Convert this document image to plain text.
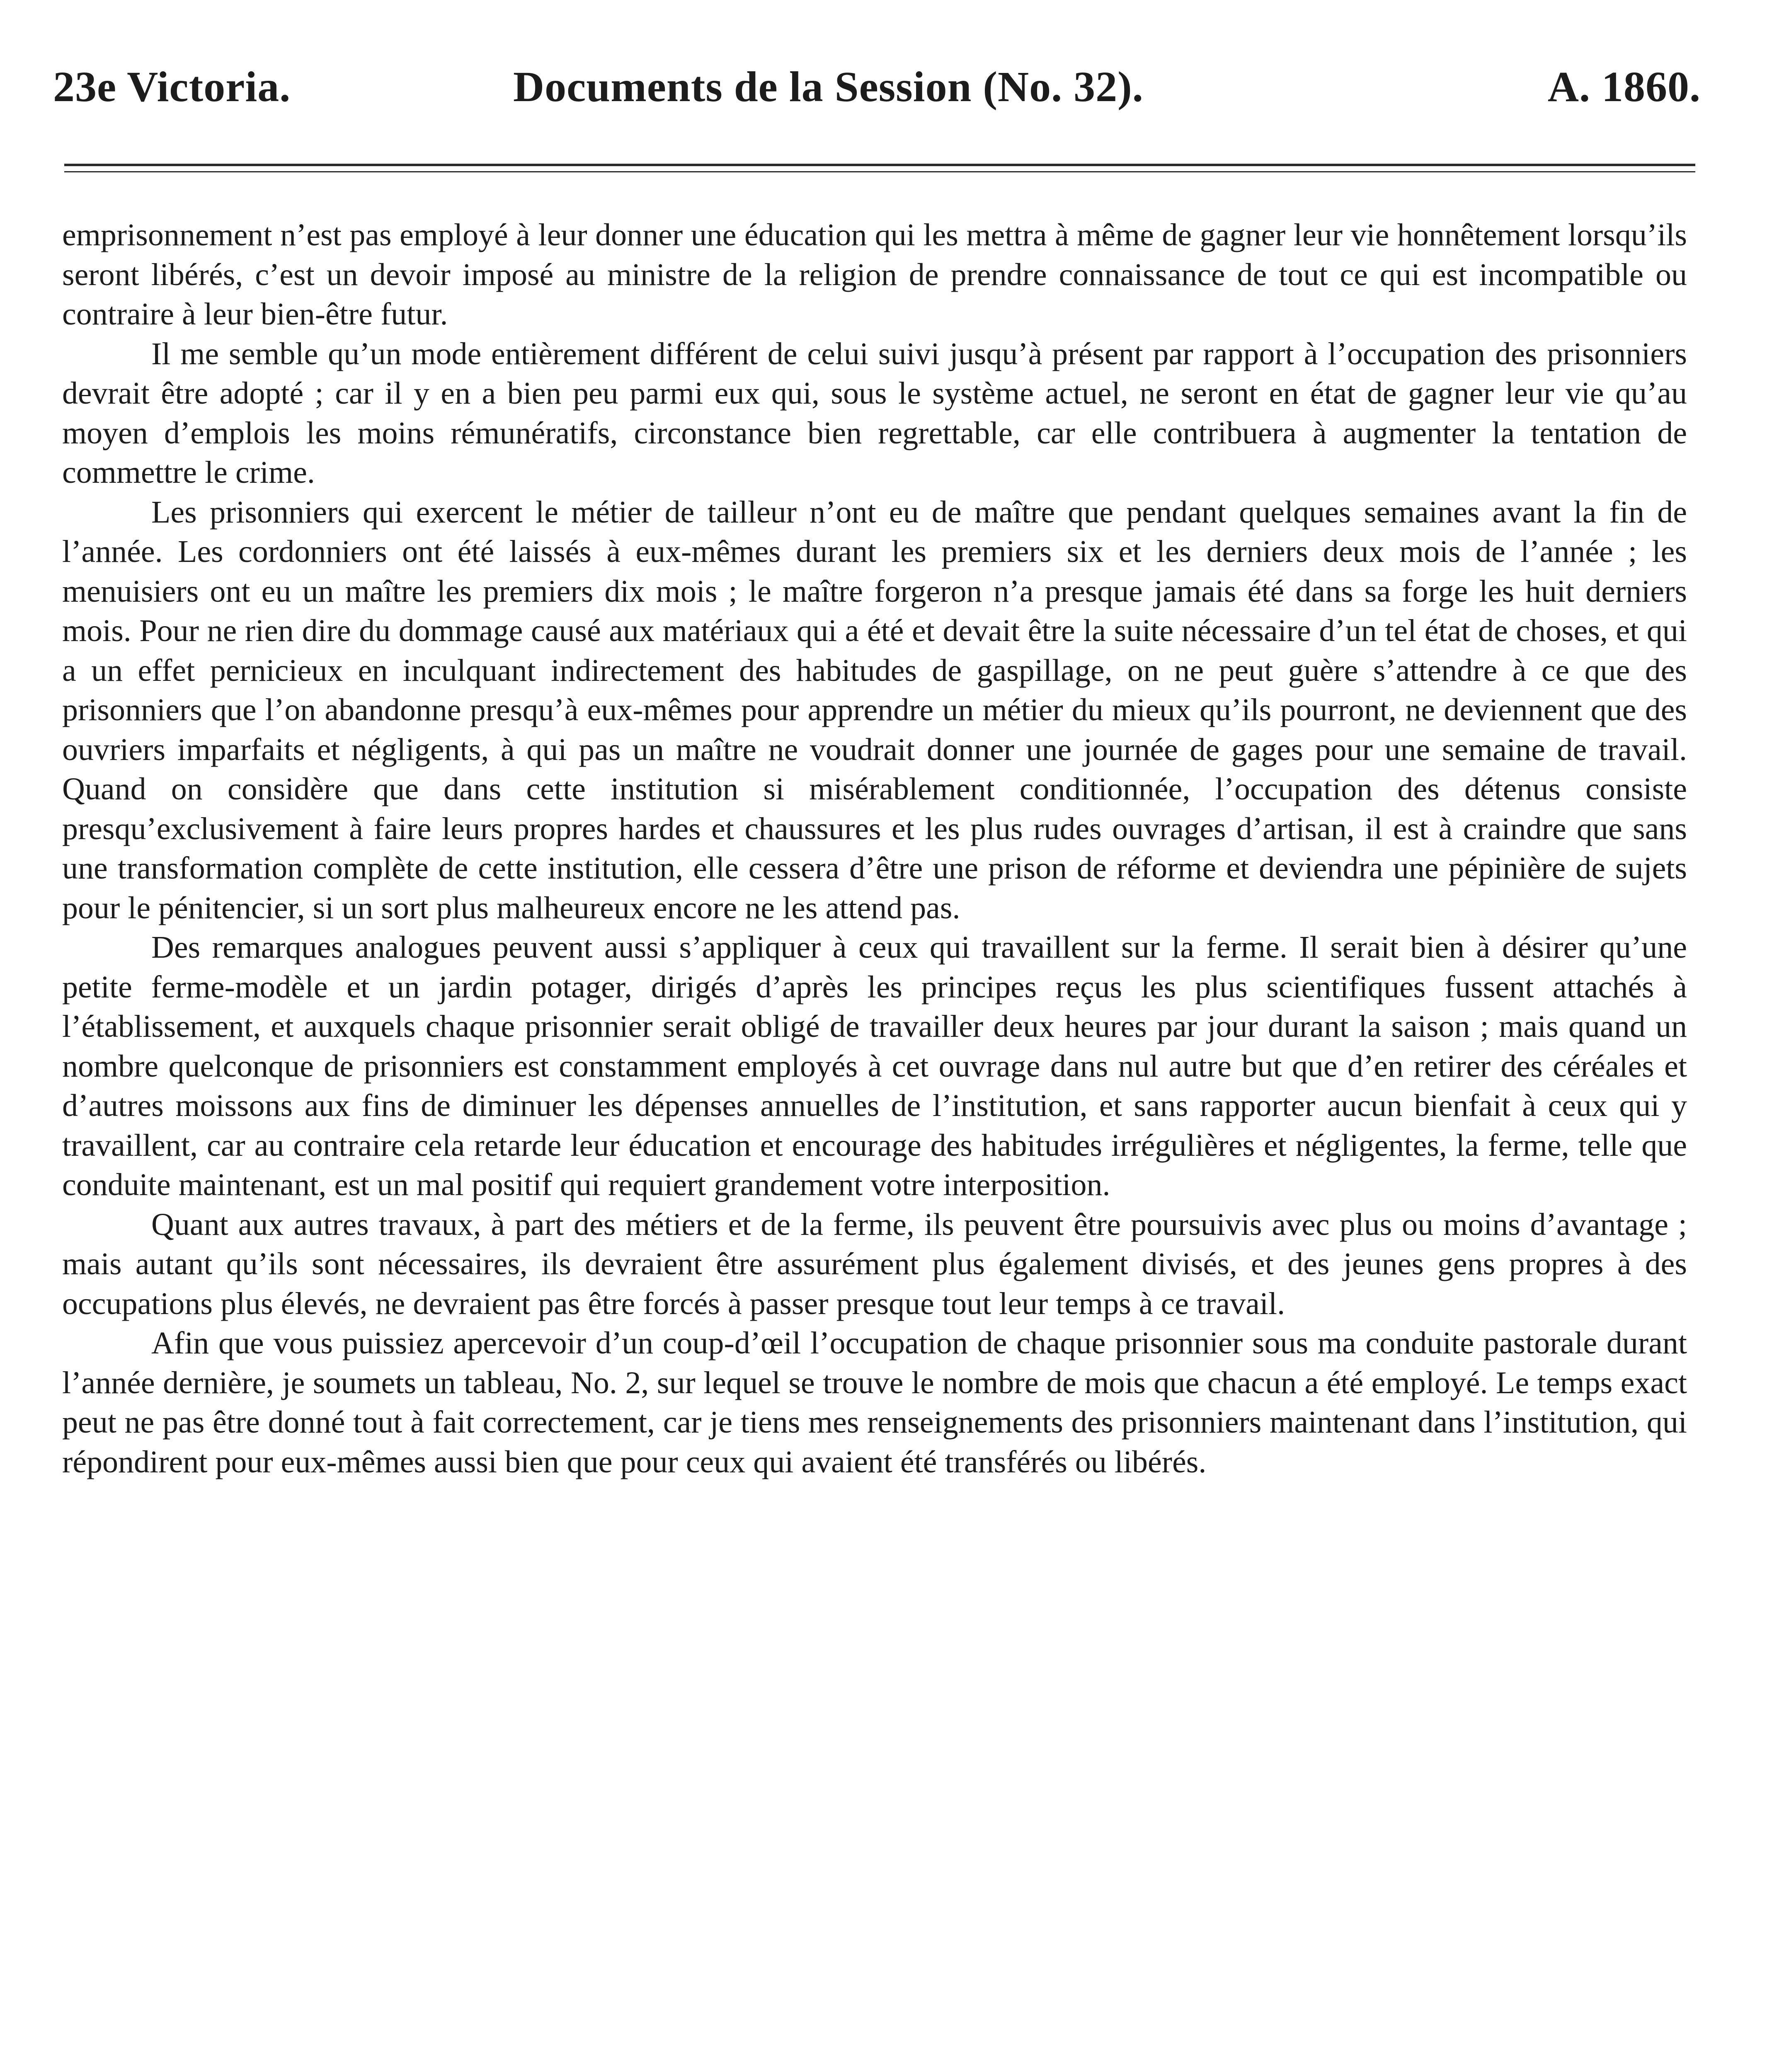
23e Victoria.	Documents de la Session (No. 32).	A. 1860.

emprisonnement n’est pas employé à leur donner une éducation qui les mettra à même de gagner leur vie honnêtement lorsqu’ils seront libérés, c’est un devoir imposé au ministre de la religion de prendre connaissance de tout ce qui est incompatible ou contraire à leur bien-être futur.

Il me semble qu’un mode entièrement différent de celui suivi jusqu’à présent par rapport à l’occupation des prisonniers devrait être adopté ; car il y en a bien peu parmi eux qui, sous le système actuel, ne seront en état de gagner leur vie qu’au moyen d’emplois les moins rémunératifs, circonstance bien regrettable, car elle contribuera à augmenter la tentation de commettre le crime.

Les prisonniers qui exercent le métier de tailleur n’ont eu de maître que pendant quelques semaines avant la fin de l’année. Les cordonniers ont été laissés à eux-mêmes durant les premiers six et les derniers deux mois de l’année ; les menuisiers ont eu un maître les premiers dix mois ; le maître forgeron n’a presque jamais été dans sa forge les huit derniers mois. Pour ne rien dire du dommage causé aux matériaux qui a été et devait être la suite nécessaire d’un tel état de choses, et qui a un effet pernicieux en inculquant indirectement des habitudes de gaspillage, on ne peut guère s’attendre à ce que des prisonniers que l’on abandonne presqu’à eux-mêmes pour apprendre un métier du mieux qu’ils pourront, ne deviennent que des ouvriers imparfaits et négligents, à qui pas un maître ne voudrait donner une journée de gages pour une semaine de travail. Quand on considère que dans cette institution si misérablement conditionnée, l’occupation des détenus consiste presqu’exclusivement à faire leurs propres hardes et chaussures et les plus rudes ouvrages d’artisan, il est à craindre que sans une transformation complète de cette institution, elle cessera d’être une prison de réforme et deviendra une pépinière de sujets pour le pénitencier, si un sort plus malheureux encore ne les attend pas.

Des remarques analogues peuvent aussi s’appliquer à ceux qui travaillent sur la ferme. Il serait bien à désirer qu’une petite ferme-modèle et un jardin potager, dirigés d’après les principes reçus les plus scientifiques fussent attachés à l’établissement, et auxquels chaque prisonnier serait obligé de travailler deux heures par jour durant la saison ; mais quand un nombre quelconque de prisonniers est constamment employés à cet ouvrage dans nul autre but que d’en retirer des céréales et d’autres moissons aux fins de diminuer les dépenses annuelles de l’institution, et sans rapporter aucun bienfait à ceux qui y travaillent, car au contraire cela retarde leur éducation et encourage des habitudes irrégulières et négligentes, la ferme, telle que conduite maintenant, est un mal positif qui requiert grandement votre interposition.

Quant aux autres travaux, à part des métiers et de la ferme, ils peuvent être poursuivis avec plus ou moins d’avantage ; mais autant qu’ils sont nécessaires, ils devraient être assurément plus également divisés, et des jeunes gens propres à des occupations plus élevés, ne devraient pas être forcés à passer presque tout leur temps à ce travail.

Afin que vous puissiez apercevoir d’un coup-d’œil l’occupation de chaque prisonnier sous ma conduite pastorale durant l’année dernière, je soumets un tableau, No. 2, sur lequel se trouve le nombre de mois que chacun a été employé. Le temps exact peut ne pas être donné tout à fait correctement, car je tiens mes renseignements des prisonniers maintenant dans l’institution, qui répondirent pour eux-mêmes aussi bien que pour ceux qui avaient été transférés ou libérés.
